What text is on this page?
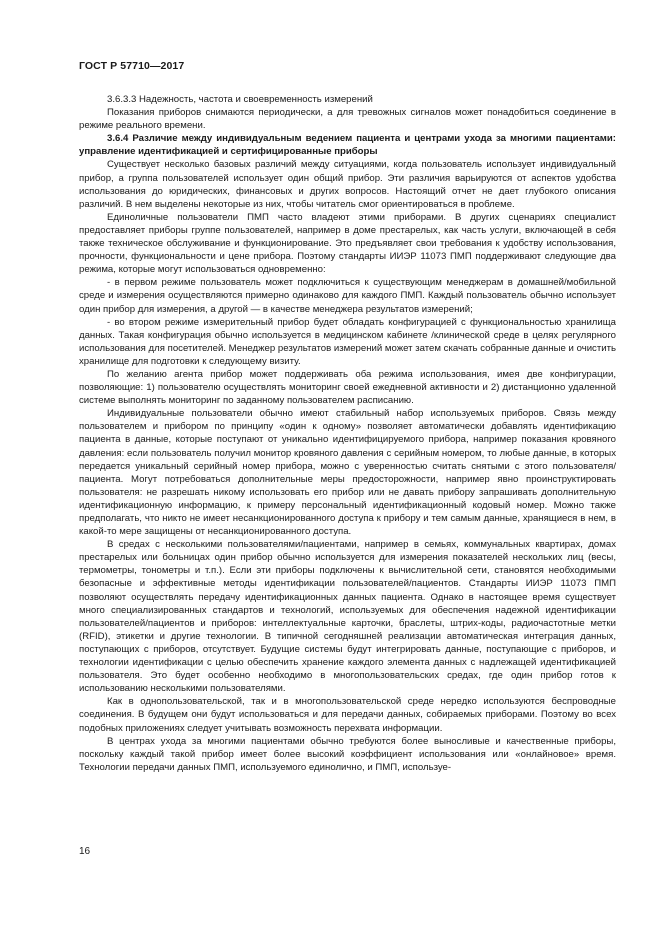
ГОСТ Р 57710—2017

3.6.3.3 Надежность, частота и своевременность измерений

Показания приборов снимаются периодически, а для тревожных сигналов может понадобиться соединение в режиме реального времени.

3.6.4 Различие между индивидуальным ведением пациента и центрами ухода за многими пациентами: управление идентификацией и сертифицированные приборы

Существует несколько базовых различий между ситуациями, когда пользователь использует индивидуальный прибор, а группа пользователей использует один общий прибор. Эти различия варьируются от аспектов удобства использования до юридических, финансовых и других вопросов. Настоящий отчет не дает глубокого описания различий. В нем выделены некоторые из них, чтобы читатель смог ориентироваться в проблеме.

Единоличные пользователи ПМП часто владеют этими приборами. В других сценариях специалист предоставляет приборы группе пользователей, например в доме престарелых, как часть услуги, включающей в себя также техническое обслуживание и функционирование. Это предъявляет свои требования к удобству использования, прочности, функциональности и цене прибора. Поэтому стандарты ИИЭР 11073 ПМП поддерживают следующие два режима, которые могут использоваться одновременно:

- в первом режиме пользователь может подключиться к существующим менеджерам в домашней/мобильной среде и измерения осуществляются примерно одинаково для каждого ПМП. Каждый пользователь обычно использует один прибор для измерения, а другой — в качестве менеджера результатов измерений;

- во втором режиме измерительный прибор будет обладать конфигурацией с функциональностью хранилища данных. Такая конфигурация обычно используется в медицинском кабинете /клинической среде в целях регулярного использования для посетителей. Менеджер результатов измерений может затем скачать собранные данные и очистить хранилище для подготовки к следующему визиту.

По желанию агента прибор может поддерживать оба режима использования, имея две конфигурации, позволяющие: 1) пользователю осуществлять мониторинг своей ежедневной активности и 2) дистанционно удаленной системе выполнять мониторинг по заданному пользователем расписанию.

Индивидуальные пользователи обычно имеют стабильный набор используемых приборов. Связь между пользователем и прибором по принципу «один к одному» позволяет автоматически добавлять идентификацию пациента в данные, которые поступают от уникально идентифицируемого прибора, например показания кровяного давления: если пользователь получил монитор кровяного давления с серийным номером, то любые данные, в которых передается уникальный серийный номер прибора, можно с уверенностью считать снятыми с этого пользователя/пациента. Могут потребоваться дополнительные меры предосторожности, например явно проинструктировать пользователя: не разрешать никому использовать его прибор или не давать прибору запрашивать дополнительную идентификационную информацию, к примеру персональный идентификационный кодовый номер. Можно также предполагать, что никто не имеет несанкционированного доступа к прибору и тем самым данные, хранящиеся в нем, в какой-то мере защищены от несанкционированного доступа.

В средах с несколькими пользователями/пациентами, например в семьях, коммунальных квартирах, домах престарелых или больницах один прибор обычно используется для измерения показателей нескольких лиц (весы, термометры, тонометры и т.п.). Если эти приборы подключены к вычислительной сети, становятся необходимыми безопасные и эффективные методы идентификации пользователей/пациентов. Стандарты ИИЭР 11073 ПМП позволяют осуществлять передачу идентификационных данных пациента. Однако в настоящее время существует много специализированных стандартов и технологий, используемых для обеспечения надежной идентификации пользователей/пациентов и приборов: интеллектуальные карточки, браслеты, штрих-коды, радиочастотные метки (RFID), этикетки и другие технологии. В типичной сегодняшней реализации автоматическая интеграция данных, поступающих с приборов, отсутствует. Будущие системы будут интегрировать данные, поступающие с приборов, и технологии идентификации с целью обеспечить хранение каждого элемента данных с надлежащей идентификацией пользователя. Это будет особенно необходимо в многопользовательских средах, где один прибор готов к использованию несколькими пользователями.

Как в однопользовательской, так и в многопользовательской среде нередко используются беспроводные соединения. В будущем они будут использоваться и для передачи данных, собираемых приборами. Поэтому во всех подобных приложениях следует учитывать возможность перехвата информации.

В центрах ухода за многими пациентами обычно требуются более выносливые и качественные приборы, поскольку каждый такой прибор имеет более высокий коэффициент использования или «онлайновое» время. Технологии передачи данных ПМП, используемого единолично, и ПМП, используе-

16
